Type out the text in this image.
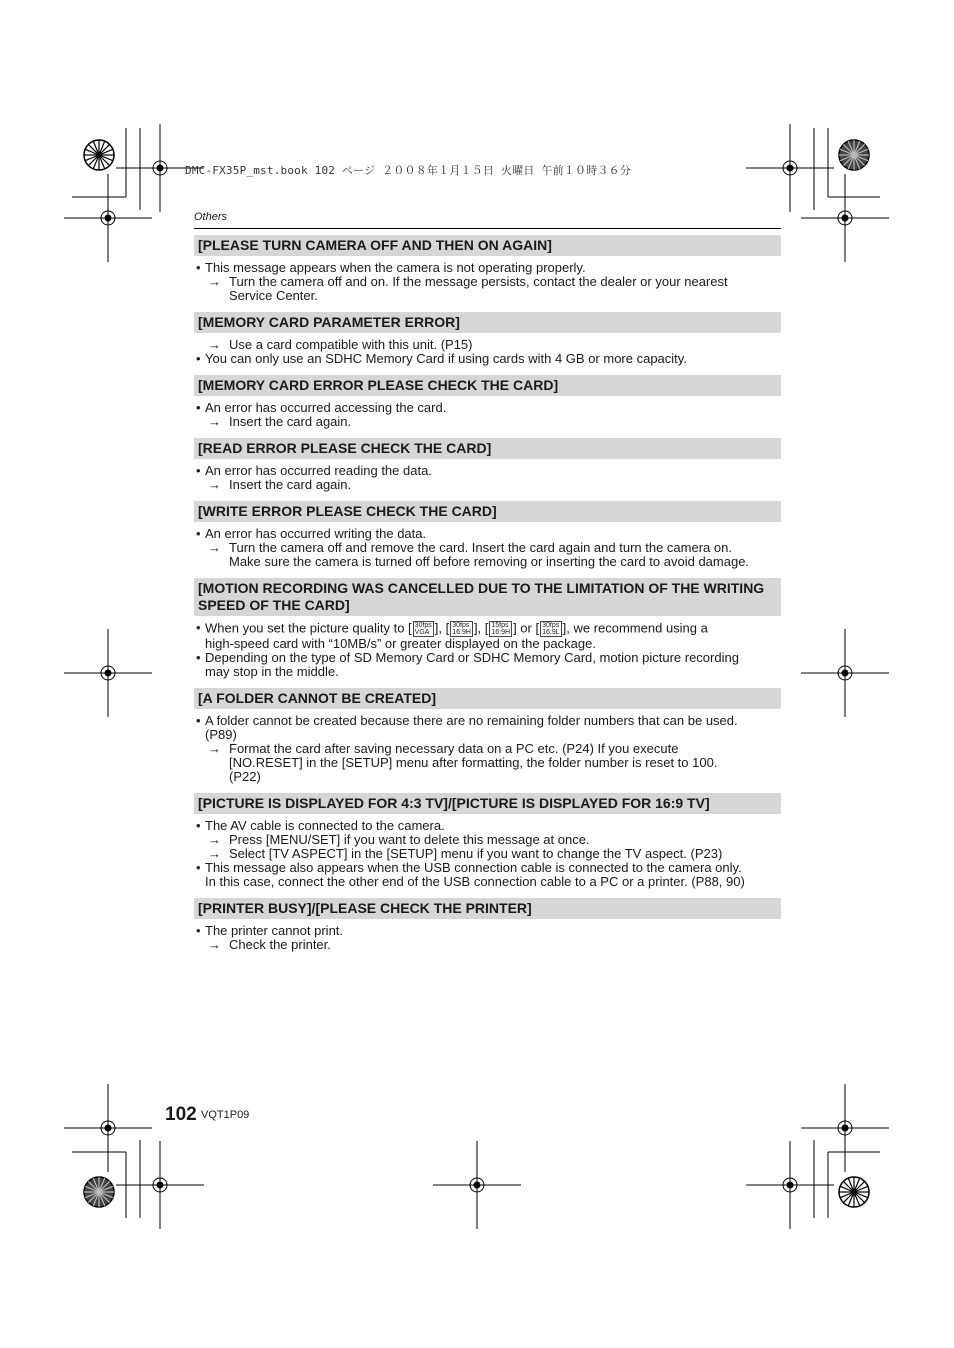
DMC-FX35P_mst.book 102 ページ ２００８年１月１５日 火曜日 午前１０時３６分
Others
[PLEASE TURN CAMERA OFF AND THEN ON AGAIN]
• This message appears when the camera is not operating properly.
→ Turn the camera off and on. If the message persists, contact the dealer or your nearest
Service Center.
[MEMORY CARD PARAMETER ERROR]
→ Use a card compatible with this unit. (P15)
• You can only use an SDHC Memory Card if using cards with 4 GB or more capacity.
[MEMORY CARD ERROR PLEASE CHECK THE CARD]
• An error has occurred accessing the card.
→ Insert the card again.
[READ ERROR PLEASE CHECK THE CARD]
• An error has occurred reading the data.
→ Insert the card again.
[WRITE ERROR PLEASE CHECK THE CARD]
• An error has occurred writing the data.
→ Turn the camera off and remove the card. Insert the card again and turn the camera on.
Make sure the camera is turned off before removing or inserting the card to avoid damage.
[MOTION RECORDING WAS CANCELLED DUE TO THE LIMITATION OF THE WRITING SPEED OF THE CARD]
• When you set the picture quality to [ 30fps
VGA ], [ 30fps
16:9H ], [ 15fps
16:9H ] or [ 30fps
16:9L ], we recommend using a
high-speed card with “10MB/s” or greater displayed on the package.
• Depending on the type of SD Memory Card or SDHC Memory Card, motion picture recording
may stop in the middle.
[A FOLDER CANNOT BE CREATED]
• A folder cannot be created because there are no remaining folder numbers that can be used.
(P89)
→ Format the card after saving necessary data on a PC etc. (P24) If you execute
[NO.RESET] in the [SETUP] menu after formatting, the folder number is reset to 100.
(P22)
[PICTURE IS DISPLAYED FOR 4:3 TV]/[PICTURE IS DISPLAYED FOR 16:9 TV]
• The AV cable is connected to the camera.
→ Press [MENU/SET] if you want to delete this message at once.
→ Select [TV ASPECT] in the [SETUP] menu if you want to change the TV aspect. (P23)
• This message also appears when the USB connection cable is connected to the camera only.
In this case, connect the other end of the USB connection cable to a PC or a printer. (P88, 90)
[PRINTER BUSY]/[PLEASE CHECK THE PRINTER]
• The printer cannot print.
→ Check the printer.
102 VQT1P09
